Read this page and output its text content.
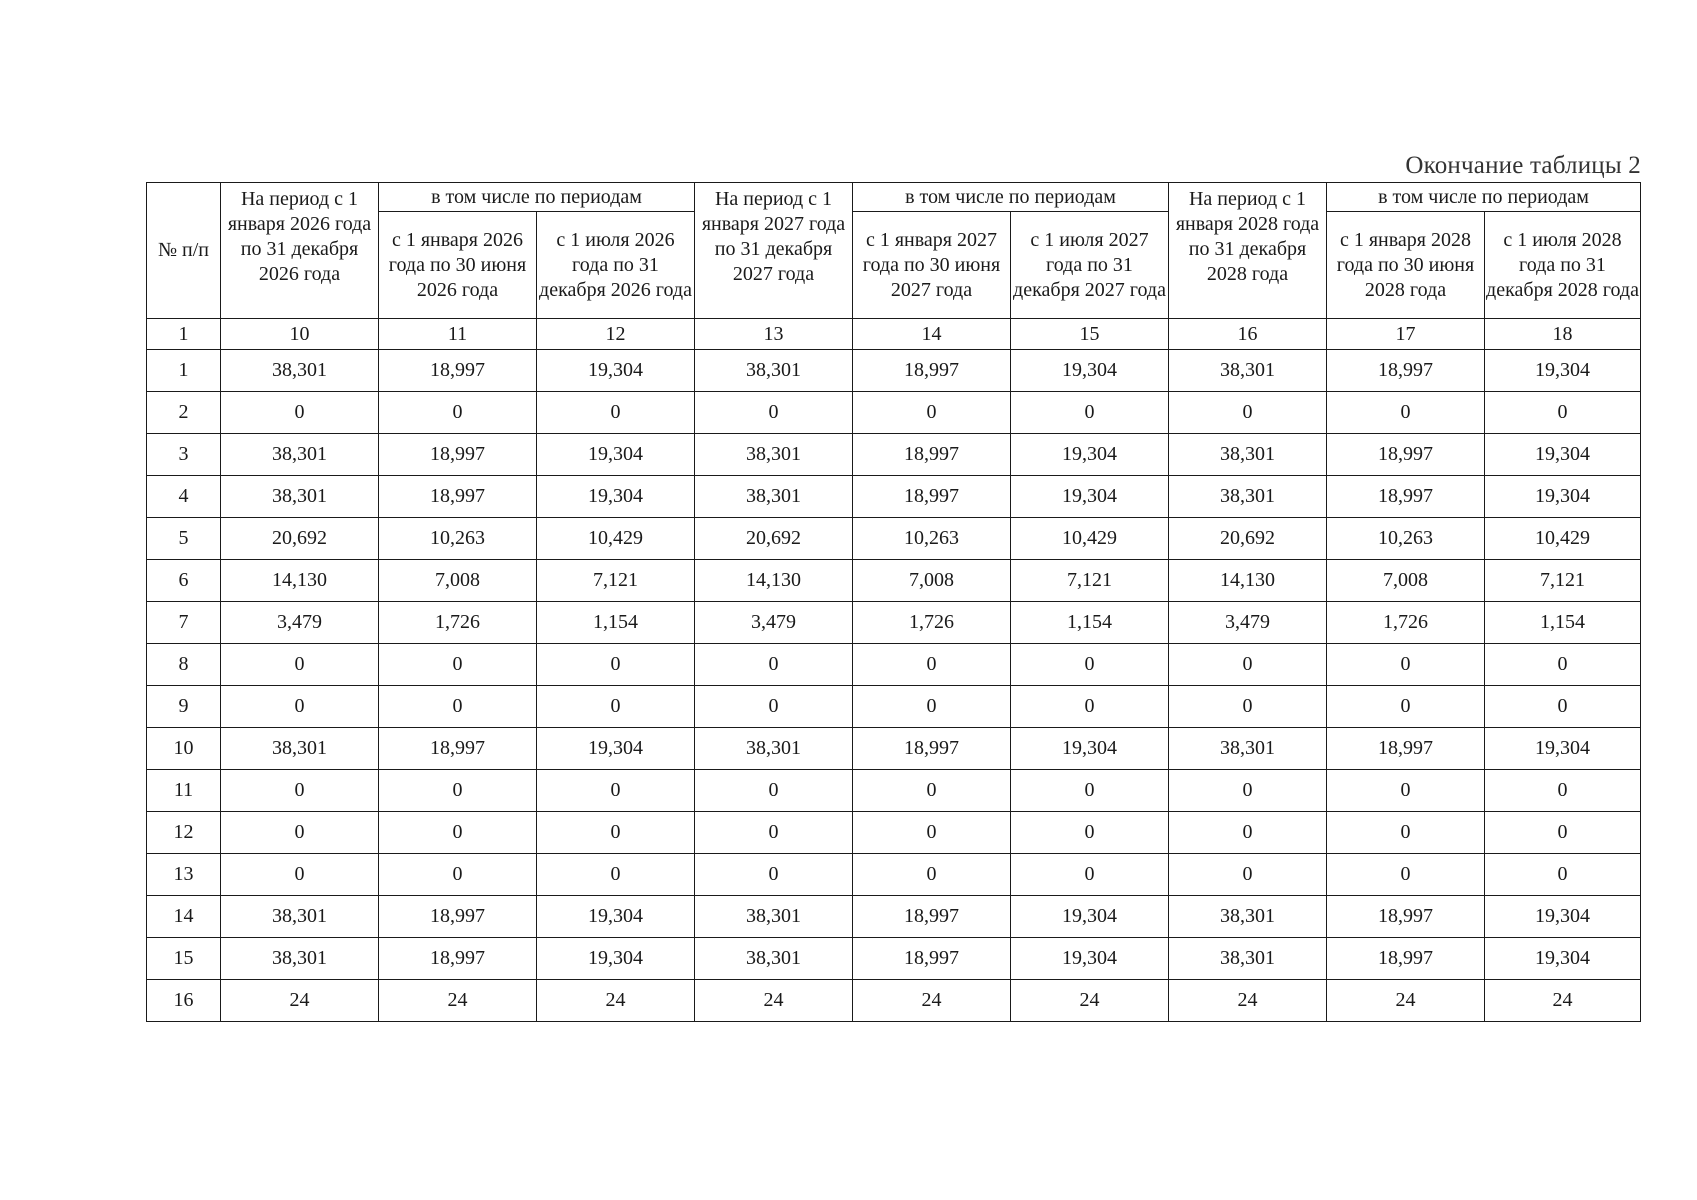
Окончание таблицы 2
№ п/п	На период с 1 января 2026 года по 31 декабря 2026 года	в том числе по периодам		На период с 1 января 2027 года по 31 декабря 2027 года	в том числе по периодам		На период с 1 января 2028 года по 31 декабря 2028 года	в том числе по периодам	
		с 1 января 2026 года по 30 июня 2026 года	с 1 июля 2026 года по 31 декабря 2026 года		с 1 января 2027 года по 30 июня 2027 года	с 1 июля 2027 года по 31 декабря 2027 года		с 1 января 2028 года по 30 июня 2028 года	с 1 июля 2028 года по 31 декабря 2028 года
1	10	11	12	13	14	15	16	17	18
1	38,301	18,997	19,304	38,301	18,997	19,304	38,301	18,997	19,304
2	0	0	0	0	0	0	0	0	0
3	38,301	18,997	19,304	38,301	18,997	19,304	38,301	18,997	19,304
4	38,301	18,997	19,304	38,301	18,997	19,304	38,301	18,997	19,304
5	20,692	10,263	10,429	20,692	10,263	10,429	20,692	10,263	10,429
6	14,130	7,008	7,121	14,130	7,008	7,121	14,130	7,008	7,121
7	3,479	1,726	1,154	3,479	1,726	1,154	3,479	1,726	1,154
8	0	0	0	0	0	0	0	0	0
9	0	0	0	0	0	0	0	0	0
10	38,301	18,997	19,304	38,301	18,997	19,304	38,301	18,997	19,304
11	0	0	0	0	0	0	0	0	0
12	0	0	0	0	0	0	0	0	0
13	0	0	0	0	0	0	0	0	0
14	38,301	18,997	19,304	38,301	18,997	19,304	38,301	18,997	19,304
15	38,301	18,997	19,304	38,301	18,997	19,304	38,301	18,997	19,304
16	24	24	24	24	24	24	24	24	24
